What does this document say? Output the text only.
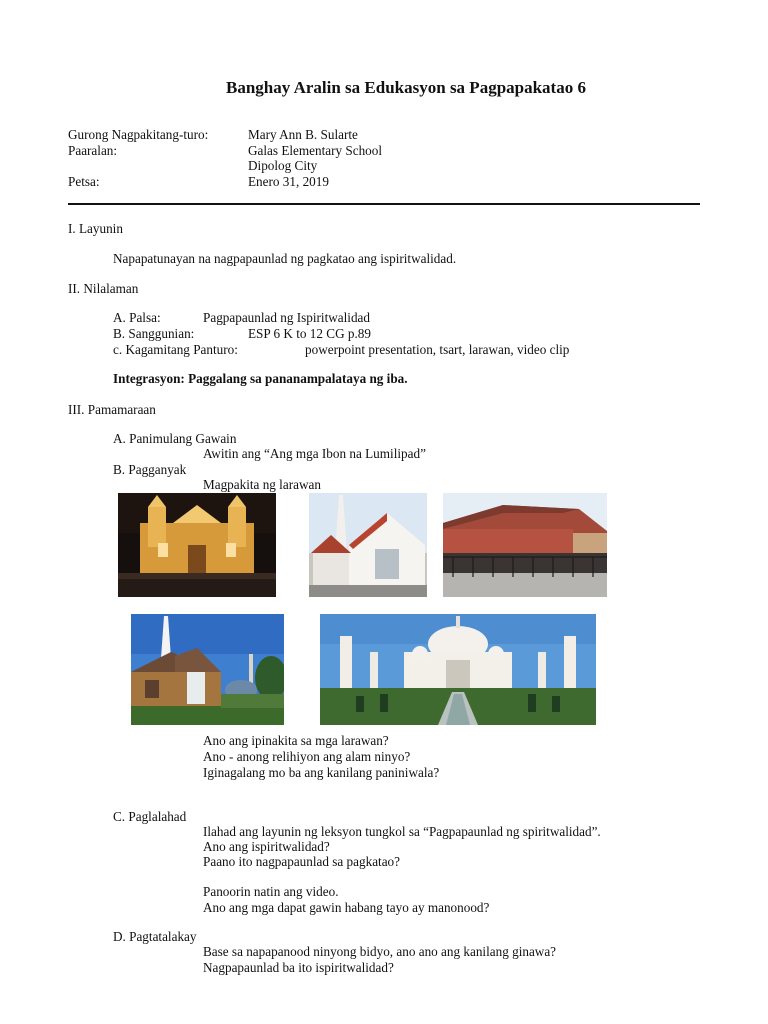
Banghay Aralin sa Edukasyon sa Pagpapakatao 6
Gurong Nagpakitang-turo:	Mary Ann B. Sularte
Paaralan:	Galas Elementary School
Dipolog City
Petsa:	Enero 31, 2019
I. Layunin
Napapatunayan na nagpapaunlad ng pagkatao ang ispiritwalidad.
II. Nilalaman
A. Palsa:	Pagpapaunlad ng Ispiritwalidad
B. Sanggunian:	ESP 6 K to 12 CG p.89
c. Kagamitang Panturo:	powerpoint presentation, tsart, larawan, video clip
Integrasyon: Paggalang sa pananampalataya ng iba.
III. Pamamaraan
A. Panimulang Gawain
Awitin ang “Ang mga Ibon na Lumilipad”
B. Pagganyak
Magpakita ng larawan
Ano ang ipinakita sa mga larawan?
Ano - anong relihiyon ang alam ninyo?
Iginagalang mo ba ang kanilang paniniwala?
C. Paglalahad
Ilahad ang layunin ng leksyon tungkol sa “Pagpapaunlad ng spiritwalidad”.
Ano ang ispiritwalidad?
Paano ito nagpapaunlad sa pagkatao?
Panoorin natin ang video.
Ano ang mga dapat gawin habang tayo ay manonood?
D. Pagtatalakay
Base sa napapanood ninyong bidyo, ano ano ang kanilang ginawa?
Nagpapaunlad ba ito ispiritwalidad?
